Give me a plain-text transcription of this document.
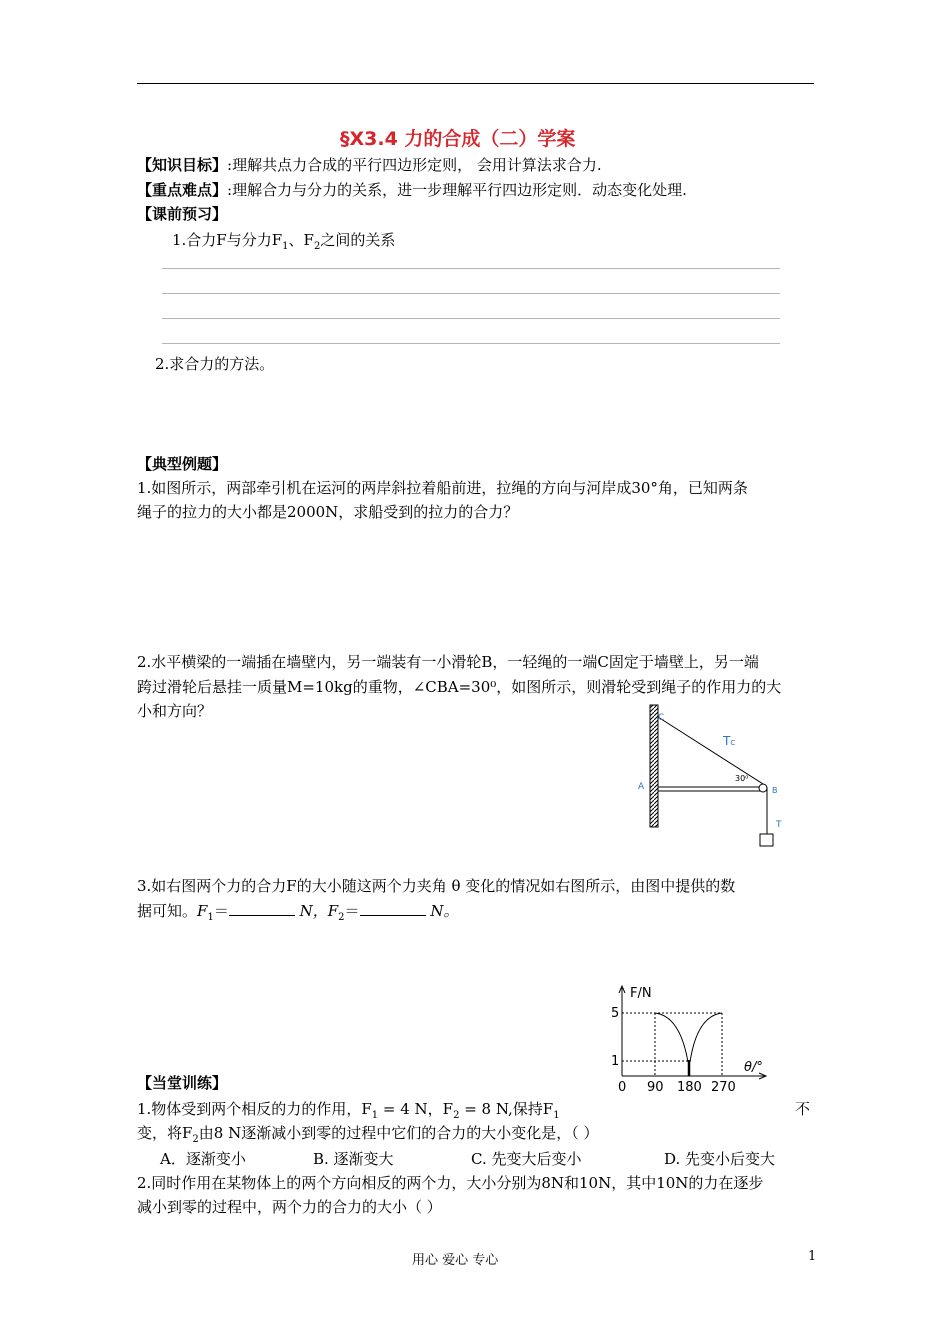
§X3.4 力的合成（二）学案
【知识目标】:理解共点力合成的平行四边形定则， 会用计算法求合力.
【重点难点】:理解合力与分力的关系，进一步理解平行四边形定则．动态变化处理.
【课前预习】
1.合力F与分力$F_1$、$F_2$之间的关系
2.求合力的方法。
【典型例题】
1.如图所示，两部牵引机在运河的两岸斜拉着船前进，拉绳的方向与河岸成30°角，已知两条
绳子的拉力的大小都是2000N，求船受到的拉力的合力？
2.水平横梁的一端插在墙壁内，另一端装有一小滑轮B，一轻绳的一端C固定于墙壁上，另一端
跨过滑轮后悬挂一质量M=10kg的重物，∠CBA=30⁰，如图所示，则滑轮受到绳子的作用力的大
小和方向？	C
A	B
TC
30⁰
T
3.如右图两个力的合力F的大小随这两个力夹角 θ 变化的情况如右图所示，由图中提供的数
据可知。$F_1=$	N，$F_2=$	N。
F/N
θ/°
5
1
0 90 180 270
【当堂训练】
1.物体受到两个相反的力的作用，$F_1 = 4$ N，$F_2 = 8$ N,保持$F_1$	不
变，将$F_2$由8 N逐渐减小到零的过程中它们的合力的大小变化是，（ ）
A．逐渐变小	B. 逐渐变大	C. 先变大后变小	D. 先变小后变大
2.同时作用在某物体上的两个方向相反的两个力，大小分别为8N和10N，其中10N的力在逐步
减小到零的过程中，两个力的合力的大小（ ）
用心 爱心 专心	1
